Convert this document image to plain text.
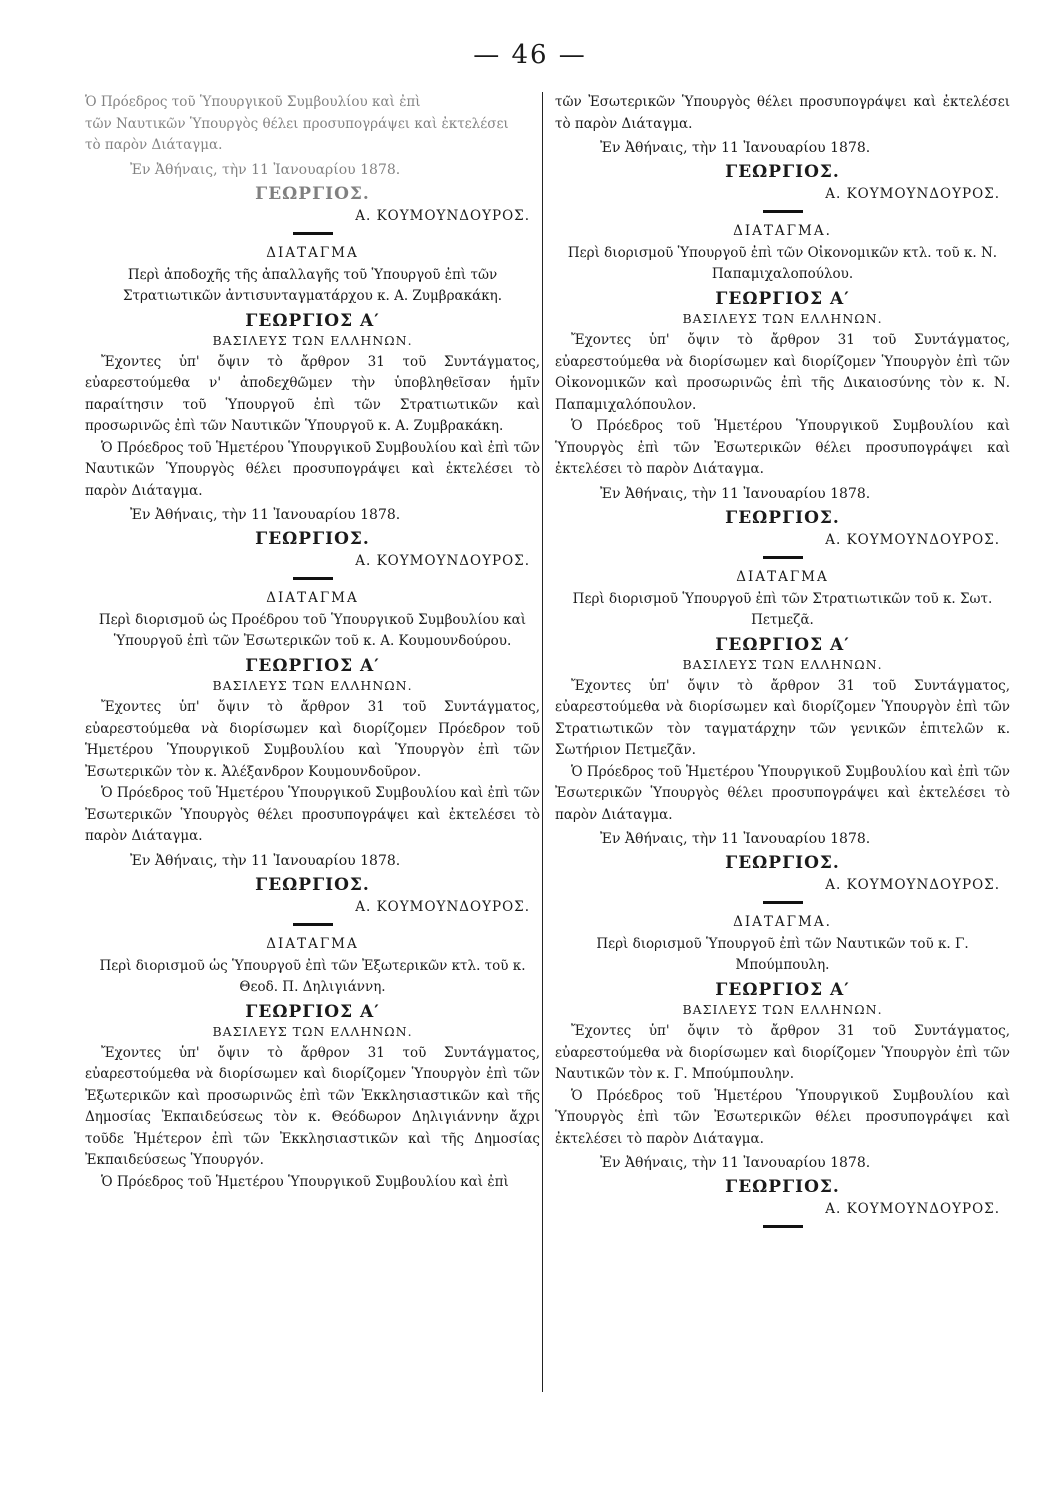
— 46 —

Ὁ Πρόεδρος τοῦ Ὑπουργικοῦ Συμβουλίου καὶ ἐπὶ

τῶν Ναυτικῶν Ὑπουργὸς θέλει προσυπογράψει καὶ ἐκτελέσει

τὸ παρὸν Διάταγμα.

Ἐν Ἀθήναις, τὴν 11 Ἰανουαρίου 1878.

ΓΕΩΡΓΙΟΣ.
Α. ΚΟΥΜΟΥΝΔΟΥΡΟΣ.
ΔΙΑΤΑΓΜΑ
Περὶ ἀποδοχῆς τῆς ἀπαλλαγῆς τοῦ Ὑπουργοῦ ἐπὶ τῶν Στρατιωτικῶν ἀντισυνταγματάρχου κ. Α. Ζυμβρακάκη.
ΓΕΩΡΓΙΟΣ Α′
ΒΑΣΙΛΕΥΣ ΤΩΝ ΕΛΛΗΝΩΝ.

Ἔχοντες ὑπ' ὄψιν τὸ ἄρθρον 31 τοῦ Συντάγματος, εὐαρεστούμεθα ν' ἀποδεχθῶμεν τὴν ὑποβληθεῖσαν ἡμῖν παραίτησιν τοῦ Ὑπουργοῦ ἐπὶ τῶν Στρατιωτικῶν καὶ προσωρινῶς ἐπὶ τῶν Ναυτικῶν Ὑπουργοῦ κ. Α. Ζυμβρακάκη.

Ὁ Πρόεδρος τοῦ Ἡμετέρου Ὑπουργικοῦ Συμβουλίου καὶ ἐπὶ τῶν Ναυτικῶν Ὑπουργὸς θέλει προσυπογράψει καὶ ἐκτελέσει τὸ παρὸν Διάταγμα.

Ἐν Ἀθήναις, τὴν 11 Ἰανουαρίου 1878.

ΓΕΩΡΓΙΟΣ.
Α. ΚΟΥΜΟΥΝΔΟΥΡΟΣ.
ΔΙΑΤΑΓΜΑ
Περὶ διορισμοῦ ὡς Προέδρου τοῦ Ὑπουργικοῦ Συμβουλίου καὶ Ὑπουργοῦ ἐπὶ τῶν Ἐσωτερικῶν τοῦ κ. Α. Κουμουνδούρου.
ΓΕΩΡΓΙΟΣ Α′
ΒΑΣΙΛΕΥΣ ΤΩΝ ΕΛΛΗΝΩΝ.

Ἔχοντες ὑπ' ὄψιν τὸ ἄρθρον 31 τοῦ Συντάγματος, εὐαρεστούμεθα νὰ διορίσωμεν καὶ διορίζομεν Πρόεδρον τοῦ Ἡμετέρου Ὑπουργικοῦ Συμβουλίου καὶ Ὑπουργὸν ἐπὶ τῶν Ἐσωτερικῶν τὸν κ. Ἀλέξανδρον Κουμουνδοῦρον.

Ὁ Πρόεδρος τοῦ Ἡμετέρου Ὑπουργικοῦ Συμβουλίου καὶ ἐπὶ τῶν Ἐσωτερικῶν Ὑπουργὸς θέλει προσυπογράψει καὶ ἐκτελέσει τὸ παρὸν Διάταγμα.

Ἐν Ἀθήναις, τὴν 11 Ἰανουαρίου 1878.

ΓΕΩΡΓΙΟΣ.
Α. ΚΟΥΜΟΥΝΔΟΥΡΟΣ.
ΔΙΑΤΑΓΜΑ
Περὶ διορισμοῦ ὡς Ὑπουργοῦ ἐπὶ τῶν Ἐξωτερικῶν κτλ. τοῦ κ. Θεοδ. Π. Δηλιγιάννη.
ΓΕΩΡΓΙΟΣ Α′
ΒΑΣΙΛΕΥΣ ΤΩΝ ΕΛΛΗΝΩΝ.

Ἔχοντες ὑπ' ὄψιν τὸ ἄρθρον 31 τοῦ Συντάγματος, εὐαρεστούμεθα νὰ διορίσωμεν καὶ διορίζομεν Ὑπουργὸν ἐπὶ τῶν Ἐξωτερικῶν καὶ προσωρινῶς ἐπὶ τῶν Ἐκκλησιαστικῶν καὶ τῆς Δημοσίας Ἐκπαιδεύσεως τὸν κ. Θεόδωρον Δηλιγιάννην ἄχρι τοῦδε Ἡμέτερον ἐπὶ τῶν Ἐκκλησιαστικῶν καὶ τῆς Δημοσίας Ἐκπαιδεύσεως Ὑπουργόν.

Ὁ Πρόεδρος τοῦ Ἡμετέρου Ὑπουργικοῦ Συμβουλίου καὶ ἐπὶ

τῶν Ἐσωτερικῶν Ὑπουργὸς θέλει προσυπογράψει καὶ ἐκτελέσει τὸ παρὸν Διάταγμα.

Ἐν Ἀθήναις, τὴν 11 Ἰανουαρίου 1878.

ΓΕΩΡΓΙΟΣ.
Α. ΚΟΥΜΟΥΝΔΟΥΡΟΣ.
ΔΙΑΤΑΓΜΑ.
Περὶ διορισμοῦ Ὑπουργοῦ ἐπὶ τῶν Οἰκονομικῶν κτλ. τοῦ κ. Ν. Παπαμιχαλοπούλου.
ΓΕΩΡΓΙΟΣ Α′
ΒΑΣΙΛΕΥΣ ΤΩΝ ΕΛΛΗΝΩΝ.

Ἔχοντες ὑπ' ὄψιν τὸ ἄρθρον 31 τοῦ Συντάγματος, εὐαρεστούμεθα νὰ διορίσωμεν καὶ διορίζομεν Ὑπουργὸν ἐπὶ τῶν Οἰκονομικῶν καὶ προσωρινῶς ἐπὶ τῆς Δικαιοσύνης τὸν κ. Ν. Παπαμιχαλόπουλον.

Ὁ Πρόεδρος τοῦ Ἡμετέρου Ὑπουργικοῦ Συμβουλίου καὶ Ὑπουργὸς ἐπὶ τῶν Ἐσωτερικῶν θέλει προσυπογράψει καὶ ἐκτελέσει τὸ παρὸν Διάταγμα.

Ἐν Ἀθήναις, τὴν 11 Ἰανουαρίου 1878.

ΓΕΩΡΓΙΟΣ.
Α. ΚΟΥΜΟΥΝΔΟΥΡΟΣ.
ΔΙΑΤΑΓΜΑ
Περὶ διορισμοῦ Ὑπουργοῦ ἐπὶ τῶν Στρατιωτικῶν τοῦ κ. Σωτ. Πετμεζᾶ.
ΓΕΩΡΓΙΟΣ Α′
ΒΑΣΙΛΕΥΣ ΤΩΝ ΕΛΛΗΝΩΝ.

Ἔχοντες ὑπ' ὄψιν τὸ ἄρθρον 31 τοῦ Συντάγματος, εὐαρεστούμεθα νὰ διορίσωμεν καὶ διορίζομεν Ὑπουργὸν ἐπὶ τῶν Στρατιωτικῶν τὸν ταγματάρχην τῶν γενικῶν ἐπιτελῶν κ. Σωτήριον Πετμεζᾶν.

Ὁ Πρόεδρος τοῦ Ἡμετέρου Ὑπουργικοῦ Συμβουλίου καὶ ἐπὶ τῶν Ἐσωτερικῶν Ὑπουργὸς θέλει προσυπογράψει καὶ ἐκτελέσει τὸ παρὸν Διάταγμα.

Ἐν Ἀθήναις, τὴν 11 Ἰανουαρίου 1878.

ΓΕΩΡΓΙΟΣ.
Α. ΚΟΥΜΟΥΝΔΟΥΡΟΣ.
ΔΙΑΤΑΓΜΑ.
Περὶ διορισμοῦ Ὑπουργοῦ ἐπὶ τῶν Ναυτικῶν τοῦ κ. Γ. Μπούμπουλη.
ΓΕΩΡΓΙΟΣ Α′
ΒΑΣΙΛΕΥΣ ΤΩΝ ΕΛΛΗΝΩΝ.

Ἔχοντες ὑπ' ὄψιν τὸ ἄρθρον 31 τοῦ Συντάγματος, εὐαρεστούμεθα νὰ διορίσωμεν καὶ διορίζομεν Ὑπουργὸν ἐπὶ τῶν Ναυτικῶν τὸν κ. Γ. Μπούμπουλην.

Ὁ Πρόεδρος τοῦ Ἡμετέρου Ὑπουργικοῦ Συμβουλίου καὶ Ὑπουργὸς ἐπὶ τῶν Ἐσωτερικῶν θέλει προσυπογράψει καὶ ἐκτελέσει τὸ παρὸν Διάταγμα.

Ἐν Ἀθήναις, τὴν 11 Ἰανουαρίου 1878.

ΓΕΩΡΓΙΟΣ.
Α. ΚΟΥΜΟΥΝΔΟΥΡΟΣ.
